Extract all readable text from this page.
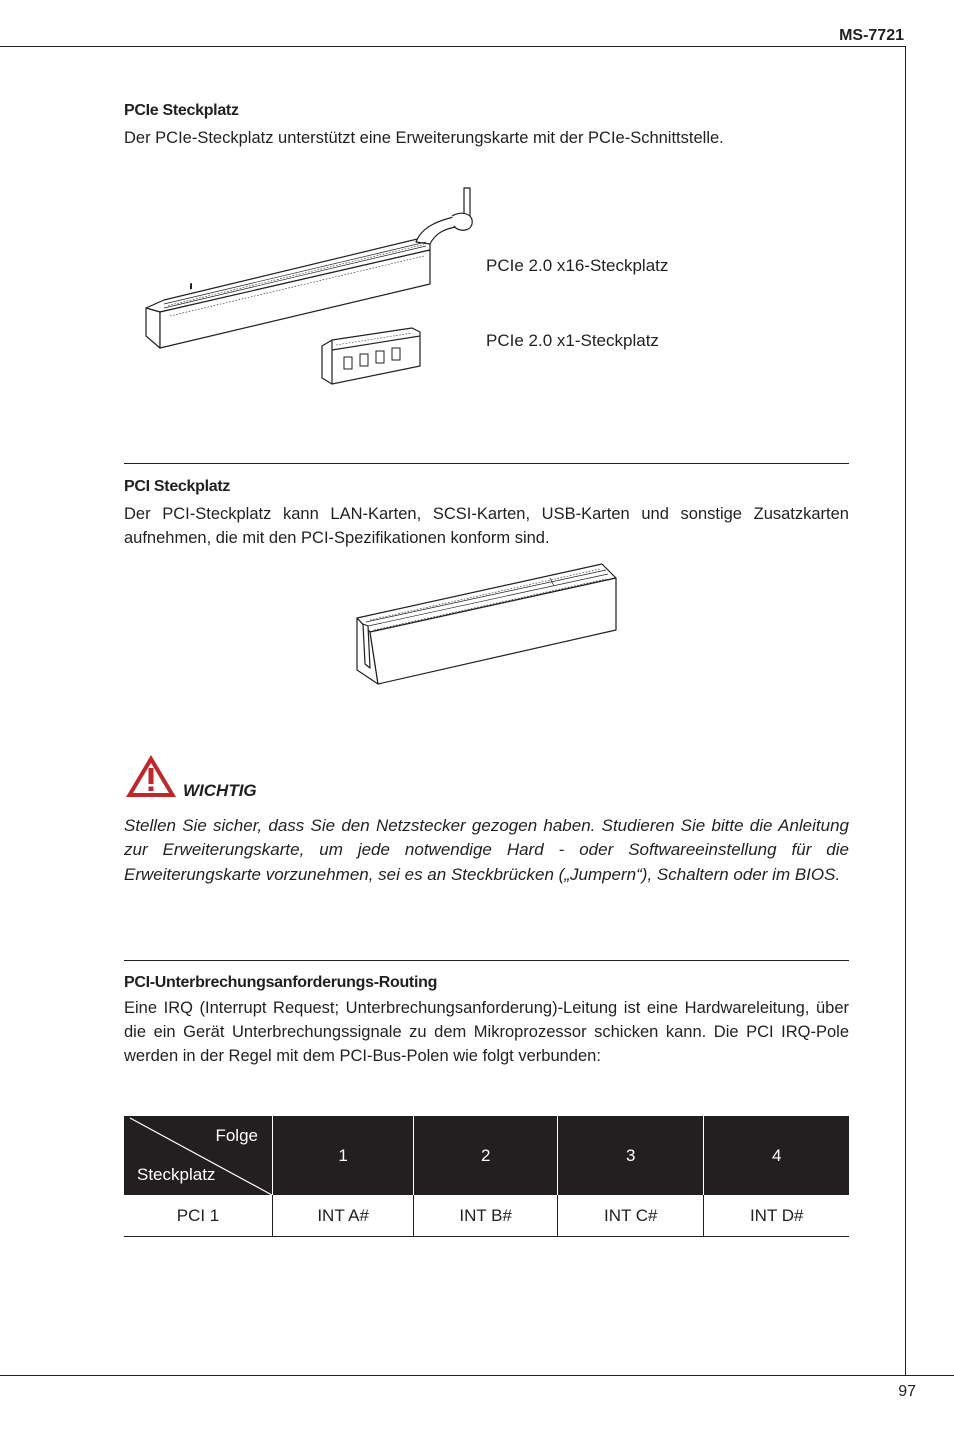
MS-7721
PCIe Steckplatz
Der PCIe-Steckplatz unterstützt eine Erweiterungskarte mit der PCIe-Schnittstelle.
PCIe 2.0 x16-Steckplatz
PCIe 2.0 x1-Steckplatz
PCI Steckplatz
Der PCI-Steckplatz kann LAN-Karten, SCSI-Karten, USB-Karten und sonstige Zusatzkarten aufnehmen, die mit den PCI-Spezifikationen konform sind.
WICHTIG
Stellen Sie sicher, dass Sie den Netzstecker gezogen haben. Studieren Sie bitte die Anleitung zur Erweiterungskarte, um jede notwendige Hard - oder Softwareeinstellung für die Erweiterungskarte vorzunehmen, sei es an Steckbrücken („Jumpern“), Schaltern oder im BIOS.
PCI-Unterbrechungsanforderungs-Routing
Eine IRQ (Interrupt Request; Unterbrechungsanforderung)-Leitung ist eine Hardwareleitung, über die ein Gerät Unterbrechungssignale zu dem Mikroprozessor schicken kann. Die PCI IRQ-Pole werden in der Regel mit dem PCI-Bus-Polen wie folgt verbunden:
Folge
Steckplatz	1	2	3	4
PCI 1	INT A#	INT B#	INT C#	INT D#
97
